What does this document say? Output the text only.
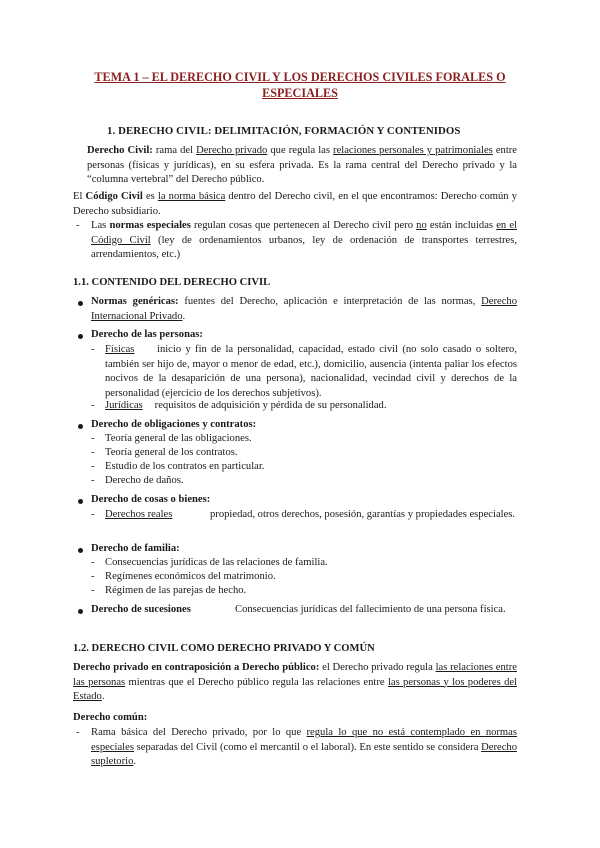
TEMA 1 – EL DERECHO CIVIL Y LOS DERECHOS CIVILES FORALES O
ESPECIALES
1. DERECHO CIVIL: DELIMITACIÓN, FORMACIÓN Y CONTENIDOS
Derecho Civil: rama del Derecho privado que regula las relaciones personales y patrimoniales entre personas (físicas y jurídicas), en su esfera privada. Es la rama central del Derecho privado y la “columna vertebral” del Derecho público.
El Código Civil es la norma básica dentro del Derecho civil, en el que encontramos: Derecho común y Derecho subsidiario.
- Las normas especiales regulan cosas que pertenecen al Derecho civil pero no están incluidas en el Código Civil (ley de ordenamientos urbanos, ley de ordenación de transportes terrestres, arrendamientos, etc.)
1.1. CONTENIDO DEL DERECHO CIVIL
Normas genéricas: fuentes del Derecho, aplicación e interpretación de las normas, Derecho Internacional Privado.
Derecho de las personas:
- Físicas	inicio y fin de la personalidad, capacidad, estado civil (no solo casado o soltero, también ser hijo de, mayor o menor de edad, etc.), domicilio, ausencia (intenta paliar los efectos nocivos de la desaparición de una persona), nacionalidad, vecindad civil y derechos de la personalidad (ejercicio de los derechos subjetivos).
- Jurídicas requisitos de adquisición y pérdida de su personalidad.
Derecho de obligaciones y contratos:
- Teoría general de las obligaciones.
- Teoría general de los contratos.
- Estudio de los contratos en particular.
- Derecho de daños.
Derecho de cosas o bienes:
- Derechos reales	propiedad, otros derechos, posesión, garantías y propiedades especiales.
Derecho de familia:
- Consecuencias jurídicas de las relaciones de familia.
- Regímenes económicos del matrimonio.
- Régimen de las parejas de hecho.
Derecho de sucesiones	Consecuencias jurídicas del fallecimiento de una persona física.
1.2. DERECHO CIVIL COMO DERECHO PRIVADO Y COMÚN
Derecho privado en contraposición a Derecho público: el Derecho privado regula las relaciones entre las personas mientras que el Derecho público regula las relaciones entre las personas y los poderes del Estado.
Derecho común:
- Rama básica del Derecho privado, por lo que regula lo que no está contemplado en normas especiales separadas del Civil (como el mercantil o el laboral). En este sentido se considera Derecho supletorio.
